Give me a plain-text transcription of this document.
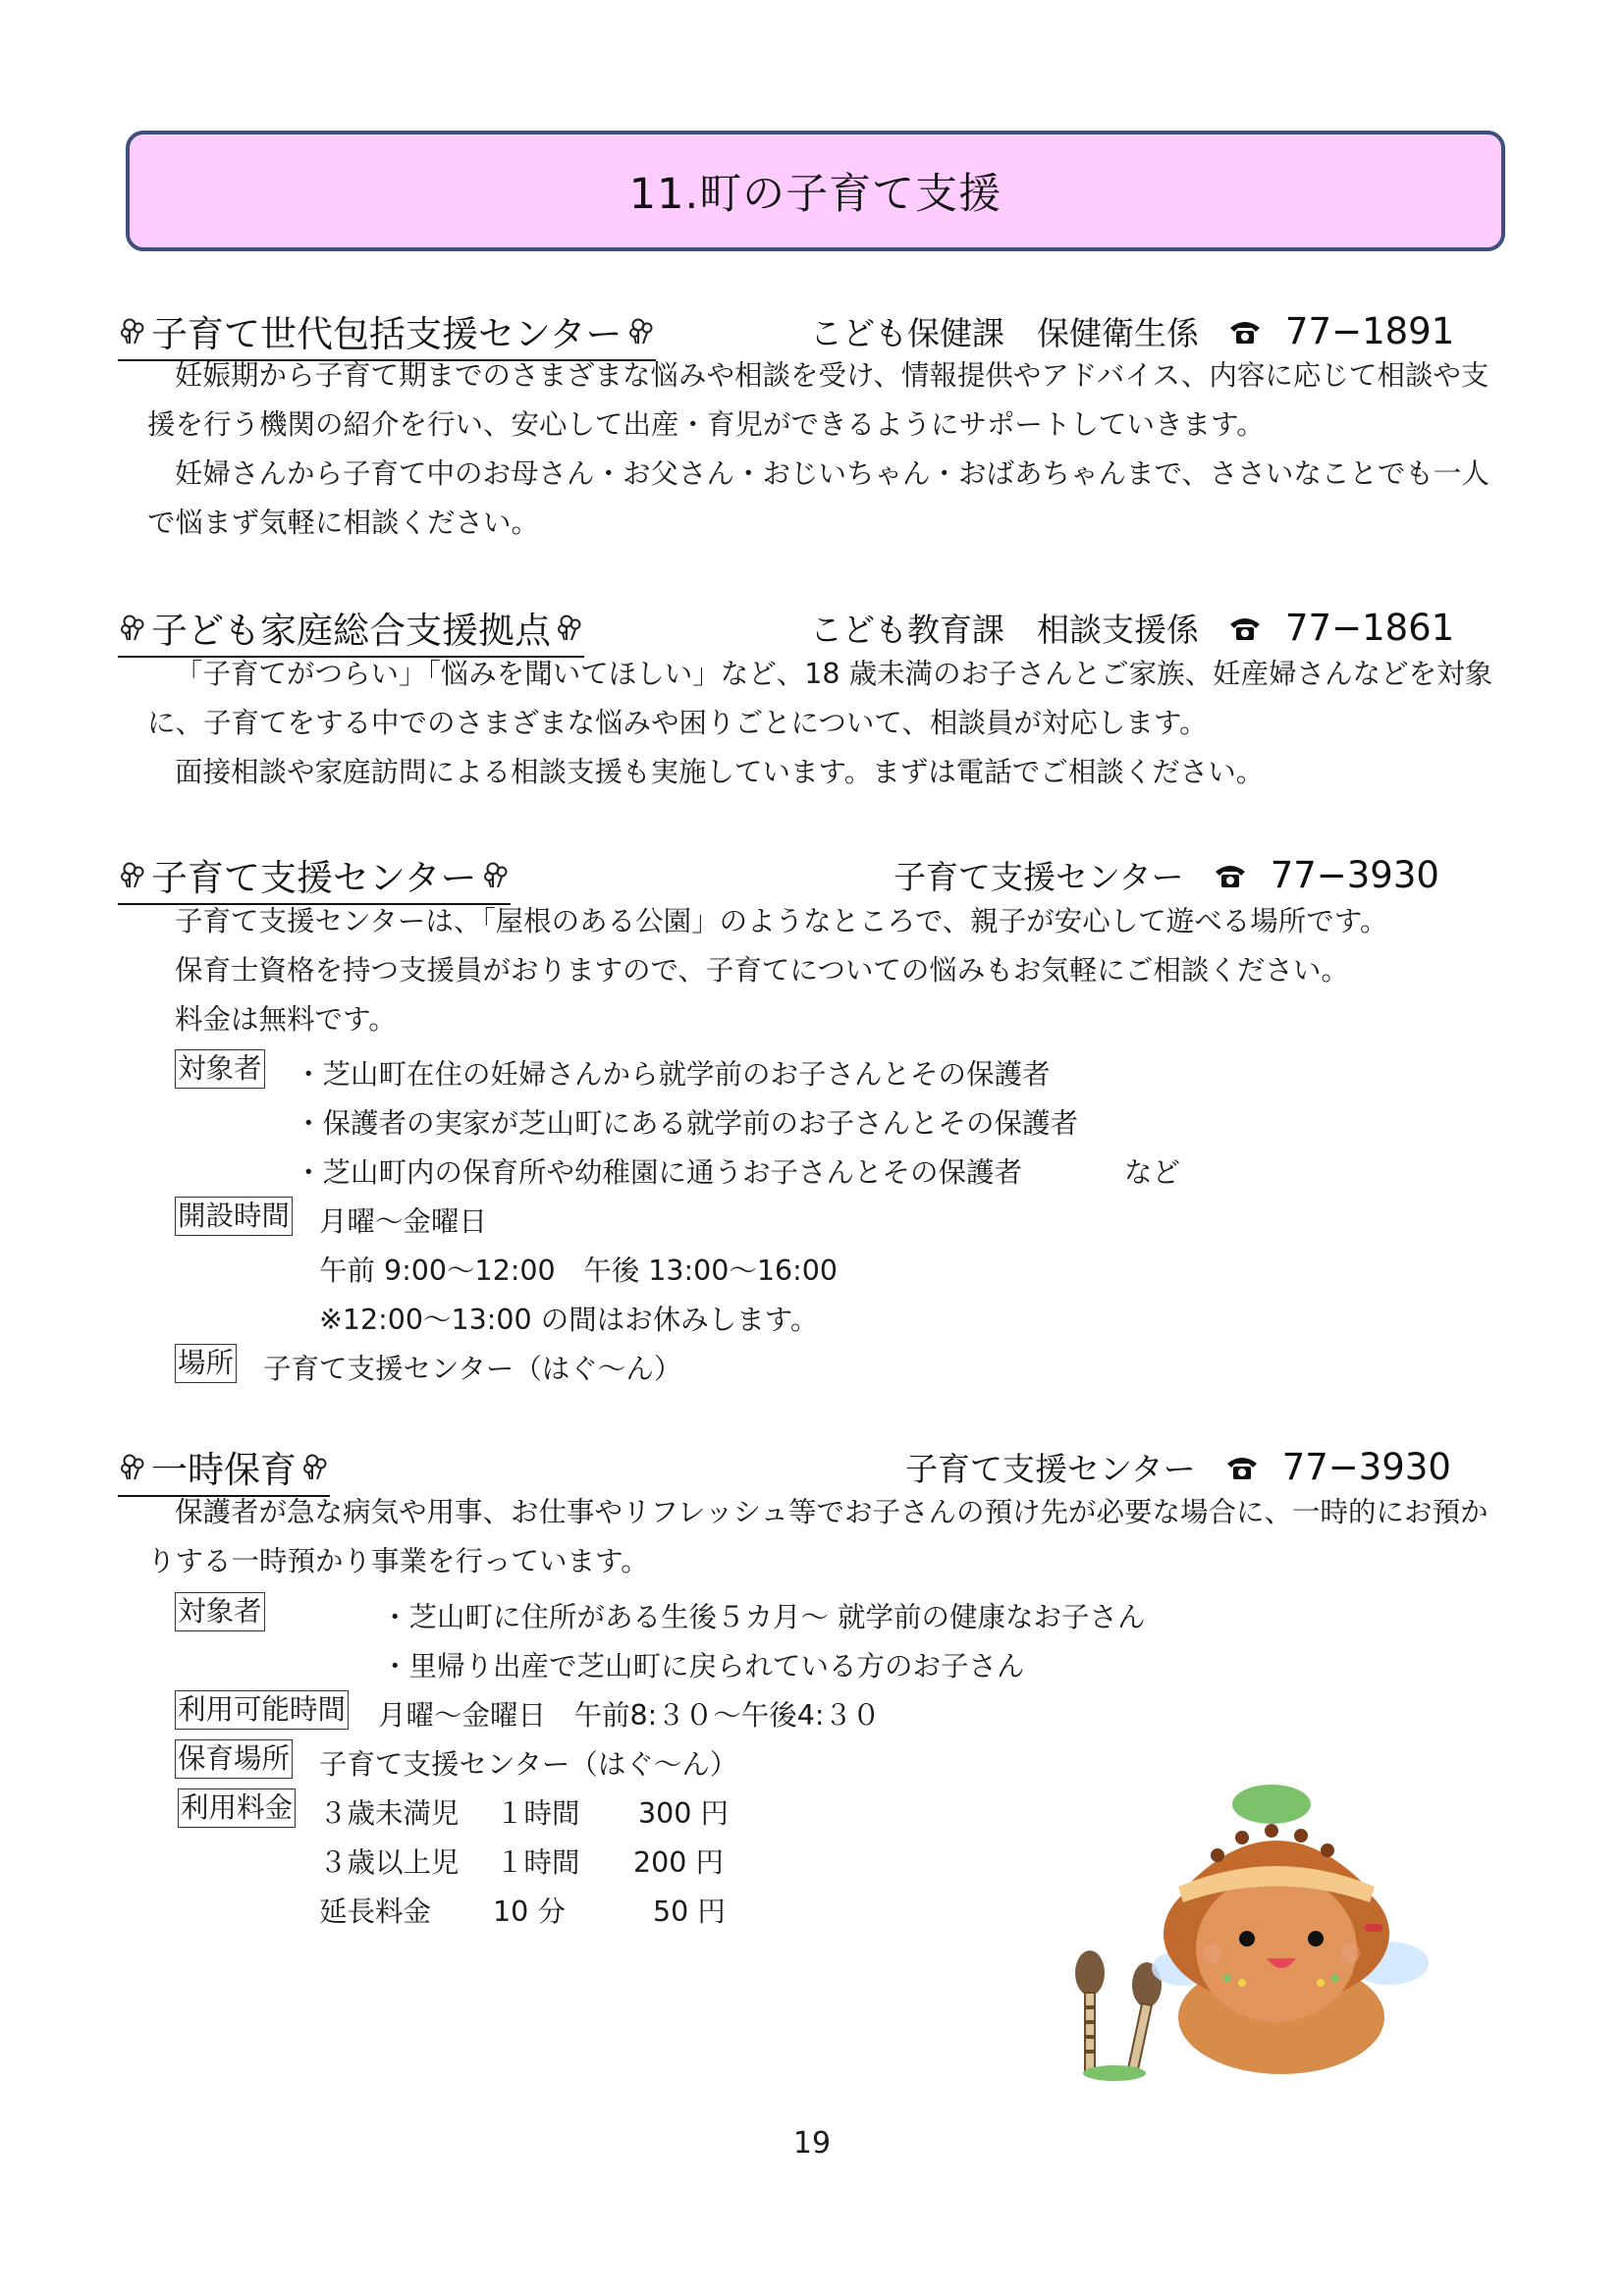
11.町の子育て支援
子育て世代包括支援センター	こども保健課　保健衛生係 77−1891
妊娠期から子育て期までのさまざまな悩みや相談を受け、情報提供やアドバイス、内容に応じて相談や支
援を行う機関の紹介を行い、安心して出産・育児ができるようにサポートしていきます。
妊婦さんから子育て中のお母さん・お父さん・おじいちゃん・おばあちゃんまで、ささいなことでも一人
で悩まず気軽に相談ください。
子ども家庭総合支援拠点	こども教育課　相談支援係 77−1861
「子育てがつらい」「悩みを聞いてほしい」など、18 歳未満のお子さんとご家族、妊産婦さんなどを対象
に、子育てをする中でのさまざまな悩みや困りごとについて、相談員が対応します。
面接相談や家庭訪問による相談支援も実施しています。まずは電話でご相談ください。
子育て支援センター	子育て支援センター 77−3930
子育て支援センターは、「屋根のある公園」のようなところで、親子が安心して遊べる場所です。
保育士資格を持つ支援員がおりますので、子育てについての悩みもお気軽にご相談ください。
料金は無料です。
対象者 ・芝山町在住の妊婦さんから就学前のお子さんとその保護者
・保護者の実家が芝山町にある就学前のお子さんとその保護者
・芝山町内の保育所や幼稚園に通うお子さんとその保護者	など
開設時間 月曜～金曜日
午前 9:00～12:00　午後 13:00～16:00
※12:00～13:00 の間はお休みします。
場所 子育て支援センター（はぐ～ん）
一時保育	子育て支援センター 77−3930
保護者が急な病気や用事、お仕事やリフレッシュ等でお子さんの預け先が必要な場合に、一時的にお預か
りする一時預かり事業を行っています。
対象者	・芝山町に住所がある生後５カ月～ 就学前の健康なお子さん
・里帰り出産で芝山町に戻られている方のお子さん
利用可能時間 月曜～金曜日　午前8:３０～午後4:３０
保育場所 子育て支援センター（はぐ～ん）
利用料金 ３歳未満児 １時間 300 円
３歳以上児 １時間 200 円
延長料金 10 分	50 円
19
